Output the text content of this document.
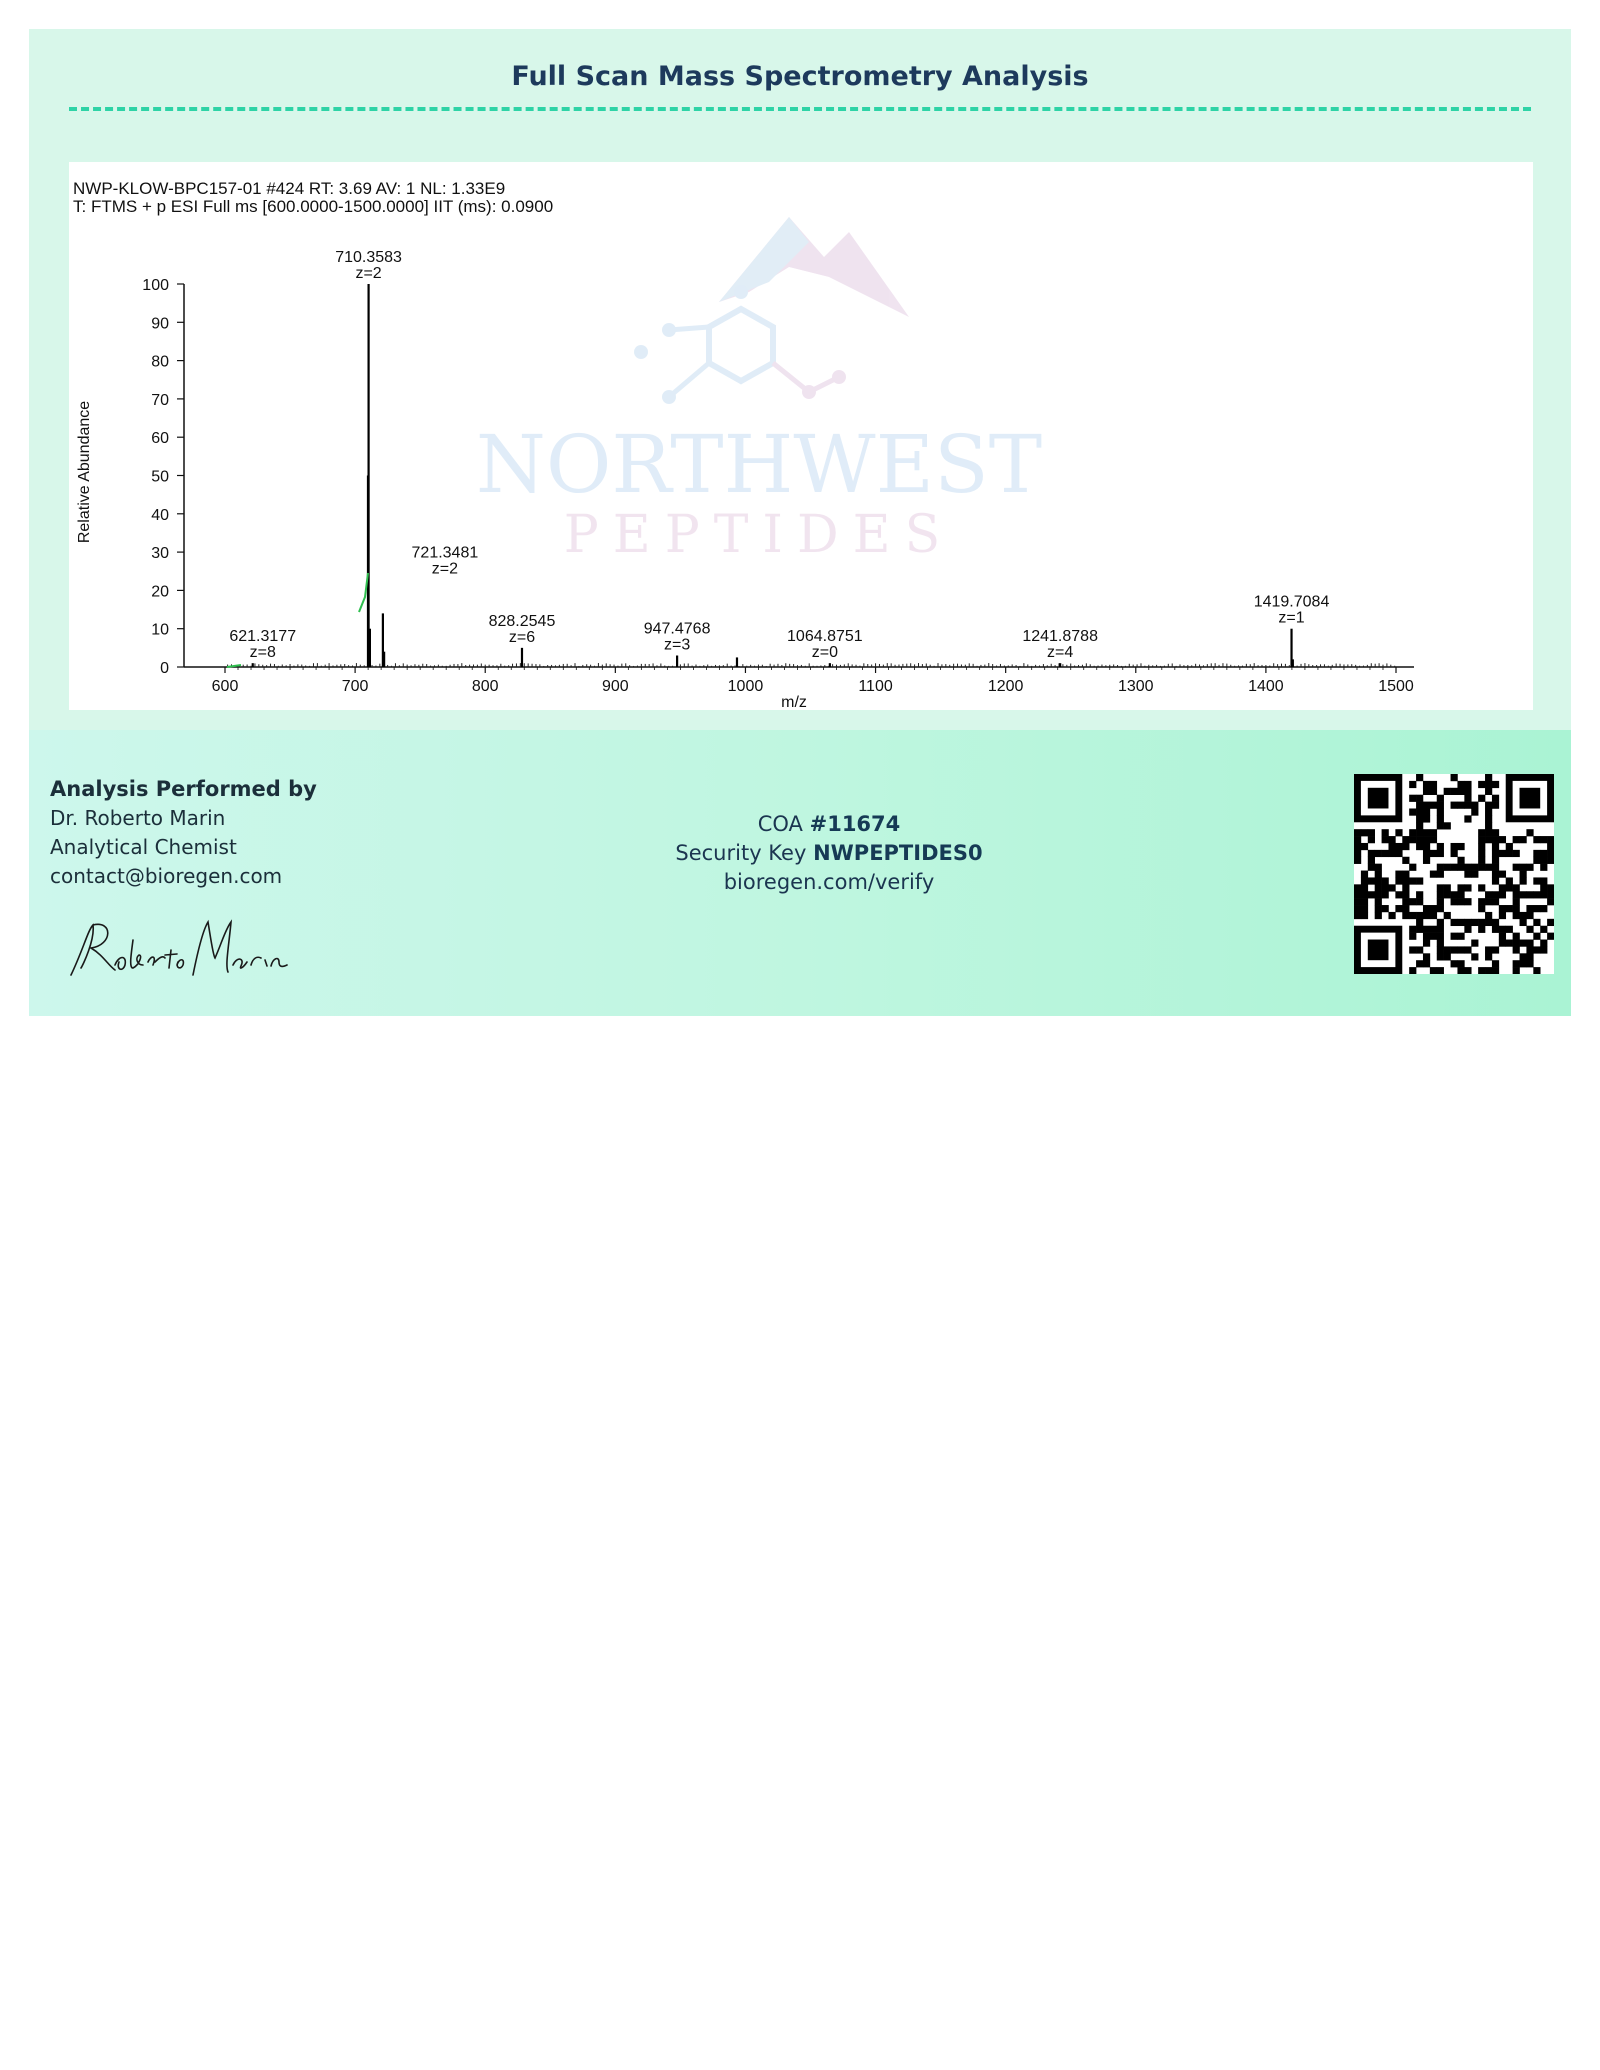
Full Scan Mass Spectrometry Analysis
NORTHWEST
PEPTIDES
NWP-KLOW-BPC157-01 #424 RT: 3.69 AV: 1 NL: 1.33E9
T: FTMS + p ESI Full ms [600.0000-1500.0000] IIT (ms): 0.0900
Relative Abundance
m/z
0
10
20
30
40
50
60
70
80
90
100
600	700	800	900	1000	1100	1200	1300	1400	1500
621.3177
z=8
710.3583
z=2
721.3481
z=2
828.2545
z=6	947.4768
z=3	1064.8751
z=0
1241.8788
z=4
1419.7084
z=1
Analysis Performed by
Dr. Roberto Marin
Analytical Chemist
contact@bioregen.com
COA #11674
Security Key NWPEPTIDES0
bioregen.com/verify
